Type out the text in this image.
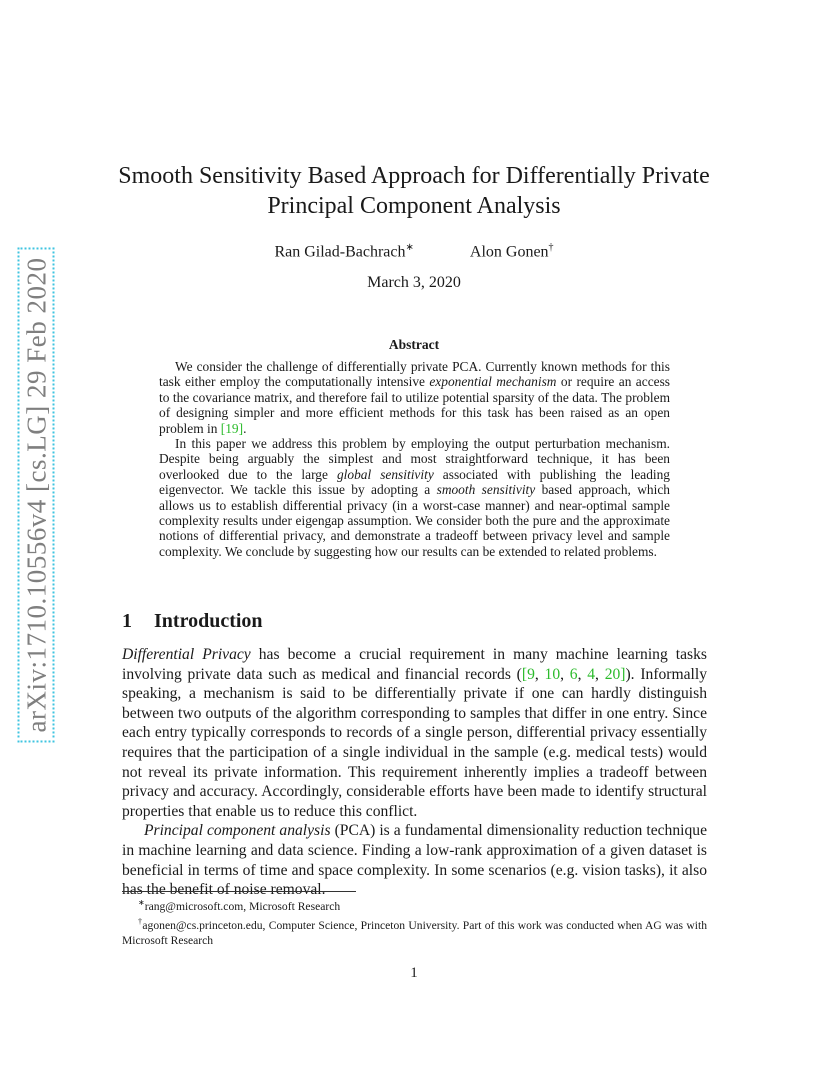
arXiv:1710.10556v4 [cs.LG] 29 Feb 2020
Smooth Sensitivity Based Approach for Differentially Private
Principal Component Analysis
Ran Gilad-Bachrach∗	Alon Gonen†
March 3, 2020
Abstract

We consider the challenge of differentially private PCA. Currently known methods for this task either employ the computationally intensive exponential mechanism or require an access to the covariance matrix, and therefore fail to utilize potential sparsity of the data. The problem of designing simpler and more efficient methods for this task has been raised as an open problem in [19].

In this paper we address this problem by employing the output perturbation mechanism. Despite being arguably the simplest and most straightforward technique, it has been overlooked due to the large global sensitivity associated with publishing the leading eigenvector. We tackle this issue by adopting a smooth sensitivity based approach, which allows us to establish differential privacy (in a worst-case manner) and near-optimal sample complexity results under eigengap assumption. We consider both the pure and the approximate notions of differential privacy, and demonstrate a tradeoff between privacy level and sample complexity. We conclude by suggesting how our results can be extended to related problems.

1 Introduction

Differential Privacy has become a crucial requirement in many machine learning tasks involving private data such as medical and financial records ([9, 10, 6, 4, 20]). Informally speaking, a mechanism is said to be differentially private if one can hardly distinguish between two outputs of the algorithm corresponding to samples that differ in one entry. Since each entry typically corresponds to records of a single person, differential privacy essentially requires that the participation of a single individual in the sample (e.g. medical tests) would not reveal its private information. This requirement inherently implies a tradeoff between privacy and accuracy. Accordingly, considerable efforts have been made to identify structural properties that enable us to reduce this conflict.

Principal component analysis (PCA) is a fundamental dimensionality reduction technique in machine learning and data science. Finding a low-rank approximation of a given dataset is beneficial in terms of time and space complexity. In some scenarios (e.g. vision tasks), it also has the benefit of noise removal.

∗rang@microsoft.com, Microsoft Research

†agonen@cs.princeton.edu, Computer Science, Princeton University. Part of this work was conducted when AG was with Microsoft Research

1
